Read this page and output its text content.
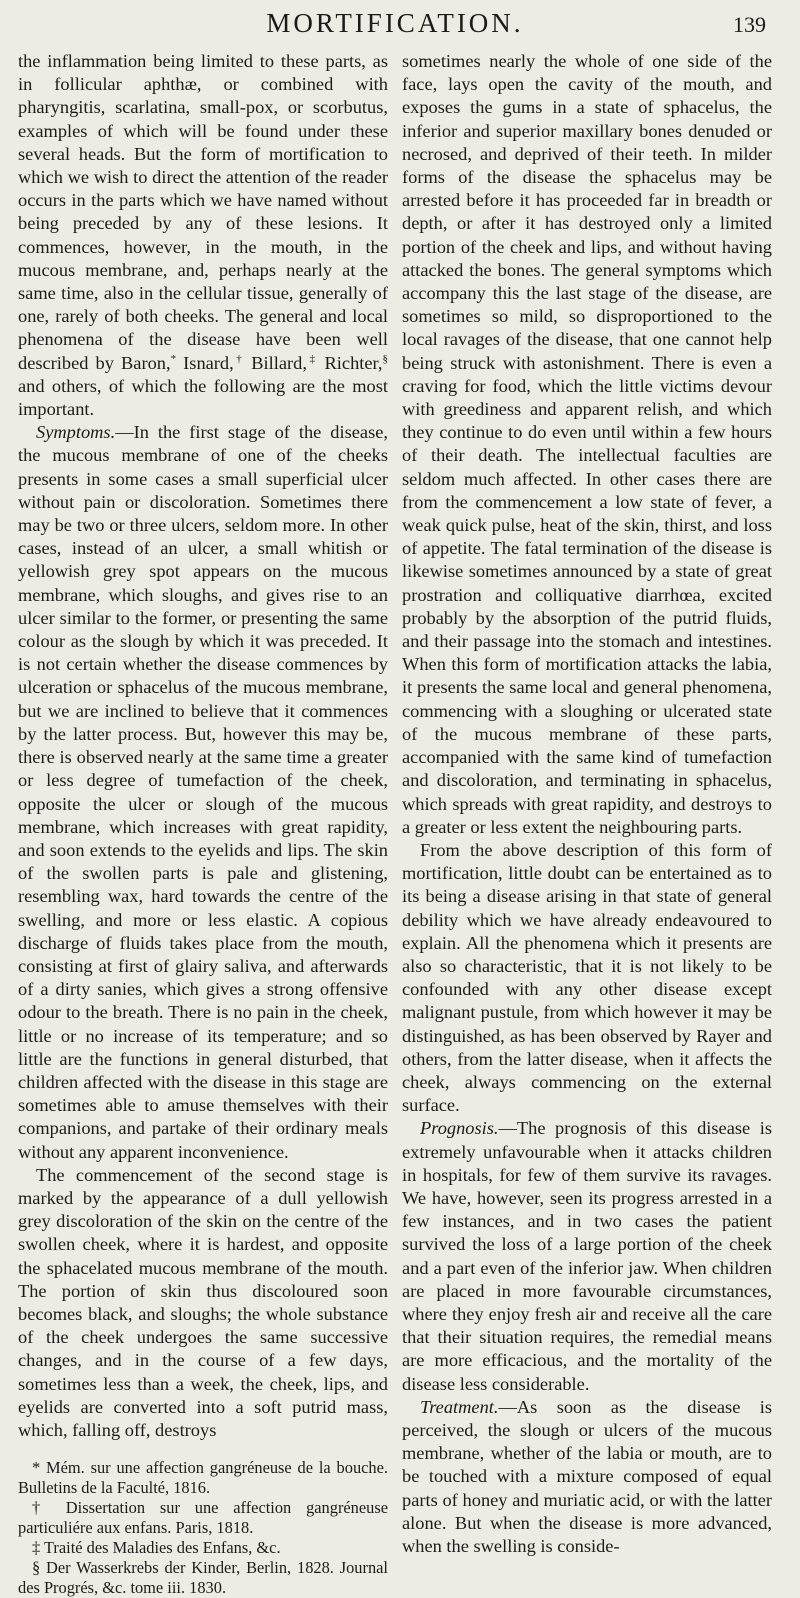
MORTIFICATION.	139

the inflammation being limited to these parts, as in follicular aphthæ, or combined with pharyngitis, scarlatina, small-pox, or scorbutus, examples of which will be found under these several heads. But the form of mortification to which we wish to direct the attention of the reader occurs in the parts which we have named without being preceded by any of these lesions. It commences, however, in the mouth, in the mucous membrane, and, perhaps nearly at the same time, also in the cellular tissue, generally of one, rarely of both cheeks. The general and local phenomena of the disease have been well described by Baron,* Isnard,† Billard,‡ Richter,§ and others, of which the following are the most important.

Symptoms.—In the first stage of the disease, the mucous membrane of one of the cheeks presents in some cases a small superficial ulcer without pain or discoloration. Sometimes there may be two or three ulcers, seldom more. In other cases, instead of an ulcer, a small whitish or yellowish grey spot appears on the mucous membrane, which sloughs, and gives rise to an ulcer similar to the former, or presenting the same colour as the slough by which it was preceded. It is not certain whether the disease commences by ulceration or sphacelus of the mucous membrane, but we are inclined to believe that it commences by the latter process. But, however this may be, there is observed nearly at the same time a greater or less degree of tumefaction of the cheek, opposite the ulcer or slough of the mucous membrane, which increases with great rapidity, and soon extends to the eyelids and lips. The skin of the swollen parts is pale and glistening, resembling wax, hard towards the centre of the swelling, and more or less elastic. A copious discharge of fluids takes place from the mouth, consisting at first of glairy saliva, and afterwards of a dirty sanies, which gives a strong offensive odour to the breath. There is no pain in the cheek, little or no increase of its temperature; and so little are the functions in general disturbed, that children affected with the disease in this stage are sometimes able to amuse themselves with their companions, and partake of their ordinary meals without any apparent inconvenience.

The commencement of the second stage is marked by the appearance of a dull yellowish grey discoloration of the skin on the centre of the swollen cheek, where it is hardest, and opposite the sphacelated mucous membrane of the mouth. The portion of skin thus discoloured soon becomes black, and sloughs; the whole substance of the cheek undergoes the same successive changes, and in the course of a few days, sometimes less than a week, the cheek, lips, and eyelids are converted into a soft putrid mass, which, falling off, destroys

* Mém. sur une affection gangréneuse de la bouche. Bulletins de la Faculté, 1816.

† Dissertation sur une affection gangréneuse particuliére aux enfans. Paris, 1818.

‡ Traité des Maladies des Enfans, &c.

§ Der Wasserkrebs der Kinder, Berlin, 1828. Journal des Progrés, &c. tome iii. 1830.

sometimes nearly the whole of one side of the face, lays open the cavity of the mouth, and exposes the gums in a state of sphacelus, the inferior and superior maxillary bones denuded or necrosed, and deprived of their teeth. In milder forms of the disease the sphacelus may be arrested before it has proceeded far in breadth or depth, or after it has destroyed only a limited portion of the cheek and lips, and without having attacked the bones. The general symptoms which accompany this the last stage of the disease, are sometimes so mild, so disproportioned to the local ravages of the disease, that one cannot help being struck with astonishment. There is even a craving for food, which the little victims devour with greediness and apparent relish, and which they continue to do even until within a few hours of their death. The intellectual faculties are seldom much affected. In other cases there are from the commencement a low state of fever, a weak quick pulse, heat of the skin, thirst, and loss of appetite. The fatal termination of the disease is likewise sometimes announced by a state of great prostration and colliquative diarrhœa, excited probably by the absorption of the putrid fluids, and their passage into the stomach and intestines. When this form of mortification attacks the labia, it presents the same local and general phenomena, commencing with a sloughing or ulcerated state of the mucous membrane of these parts, accompanied with the same kind of tumefaction and discoloration, and terminating in sphacelus, which spreads with great rapidity, and destroys to a greater or less extent the neighbouring parts.

From the above description of this form of mortification, little doubt can be entertained as to its being a disease arising in that state of general debility which we have already endeavoured to explain. All the phenomena which it presents are also so characteristic, that it is not likely to be confounded with any other disease except malignant pustule, from which however it may be distinguished, as has been observed by Rayer and others, from the latter disease, when it affects the cheek, always commencing on the external surface.

Prognosis.—The prognosis of this disease is extremely unfavourable when it attacks children in hospitals, for few of them survive its ravages. We have, however, seen its progress arrested in a few instances, and in two cases the patient survived the loss of a large portion of the cheek and a part even of the inferior jaw. When children are placed in more favourable circumstances, where they enjoy fresh air and receive all the care that their situation requires, the remedial means are more efficacious, and the mortality of the disease less considerable.

Treatment.—As soon as the disease is perceived, the slough or ulcers of the mucous membrane, whether of the labia or mouth, are to be touched with a mixture composed of equal parts of honey and muriatic acid, or with the latter alone. But when the disease is more advanced, when the swelling is conside-
